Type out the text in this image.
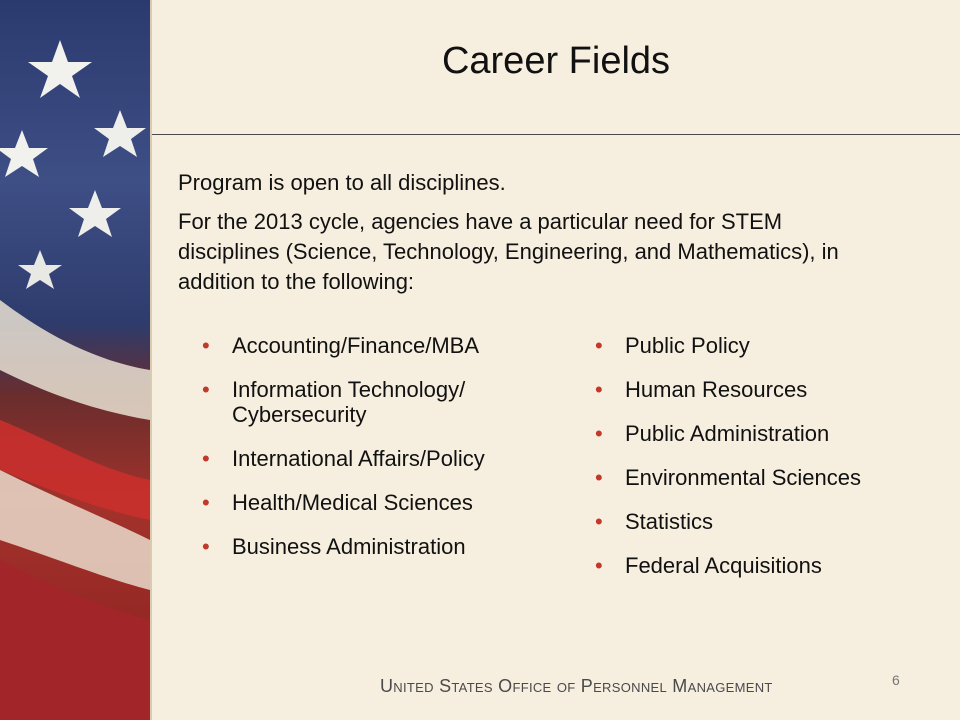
Career Fields

Program is open to all disciplines.

For the 2013 cycle, agencies have a particular need for STEM disciplines (Science, Technology, Engineering, and Mathematics), in addition to the following:

• Accounting/Finance/MBA
• Information Technology/ Cybersecurity
• International Affairs/Policy
• Health/Medical Sciences
• Business Administration
• Public Policy
• Human Resources
• Public Administration
• Environmental Sciences
• Statistics
• Federal Acquisitions
United States Office of Personnel Management	6
